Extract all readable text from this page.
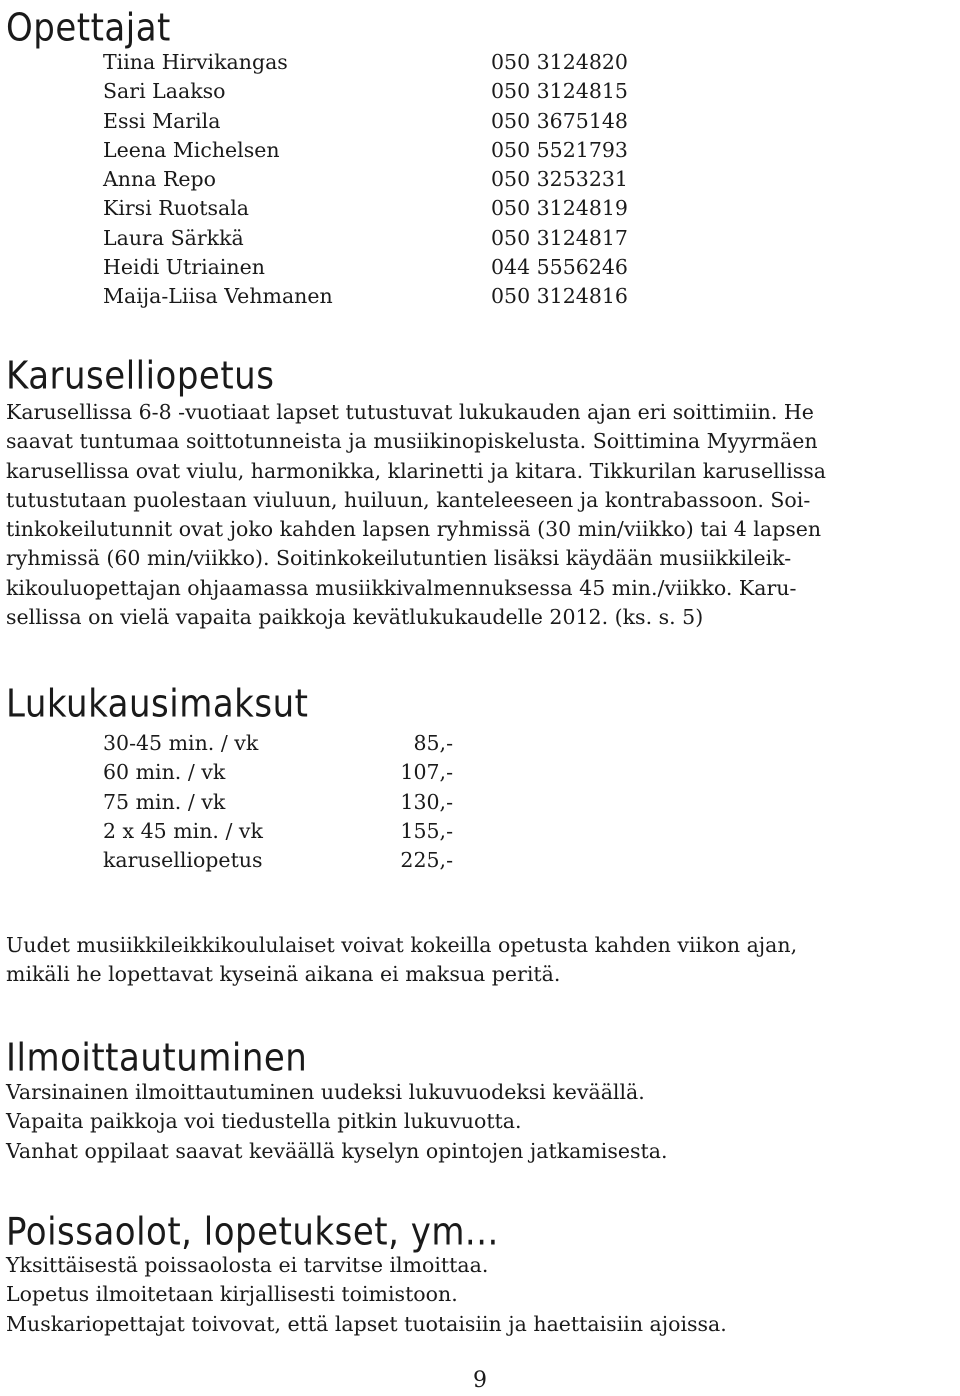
Opettajat
Tiina Hirvikangas	050 3124820
Sari Laakso	050 3124815
Essi Marila	050 3675148
Leena Michelsen	050 5521793
Anna Repo	050 3253231
Kirsi Ruotsala	050 3124819
Laura Särkkä	050 3124817
Heidi Utriainen	044 5556246
Maija-Liisa Vehmanen	050 3124816
Karuselliopetus
Karusellissa 6-8 -vuotiaat lapset tutustuvat lukukauden ajan eri soittimiin. He
saavat tuntumaa soittotunneista ja musiikinopiskelusta. Soittimina Myyrmäen
karusellissa ovat viulu, harmonikka, klarinetti ja kitara. Tikkurilan karusellissa
tutustutaan puolestaan viuluun, huiluun, kanteleeseen ja kontrabassoon. Soi-
tinkokeilutunnit ovat joko kahden lapsen ryhmissä (30 min/viikko) tai 4 lapsen
ryhmissä (60 min/viikko). Soitinkokeilutuntien lisäksi käydään musiikkileik-
kikouluopettajan ohjaamassa musiikkivalmennuksessa 45 min./viikko. Karu-
sellissa on vielä vapaita paikkoja kevätlukukaudelle 2012. (ks. s. 5)
Lukukausimaksut
30-45 min. / vk	85,-
60 min. / vk	107,-
75 min. / vk	130,-
2 x 45 min. / vk	155,-
karuselliopetus	225,-
Uudet musiikkileikkikoululaiset voivat kokeilla opetusta kahden viikon ajan,
mikäli he lopettavat kyseinä aikana ei maksua peritä.
Ilmoittautuminen
Varsinainen ilmoittautuminen uudeksi lukuvuodeksi keväällä.
Vapaita paikkoja voi tiedustella pitkin lukuvuotta.
Vanhat oppilaat saavat keväällä kyselyn opintojen jatkamisesta.
Poissaolot, lopetukset, ym...
Yksittäisestä poissaolosta ei tarvitse ilmoittaa.
Lopetus ilmoitetaan kirjallisesti toimistoon.
Muskariopettajat toivovat, että lapset tuotaisiin ja haettaisiin ajoissa.
9
